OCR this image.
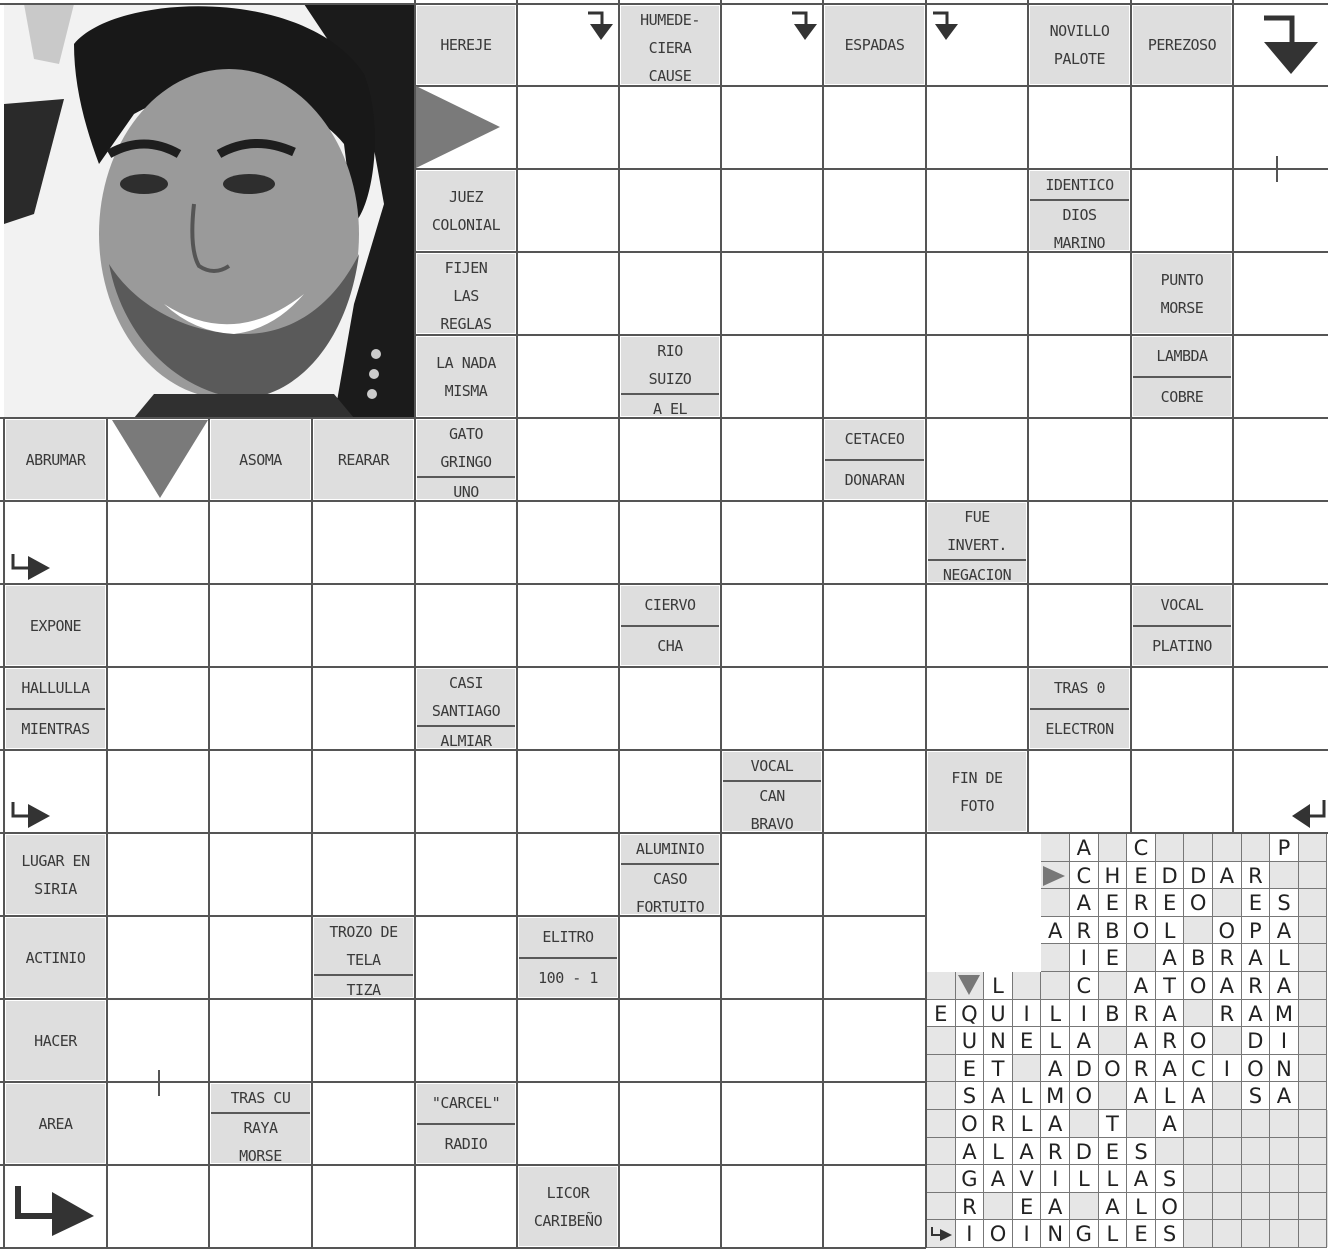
HEREJE
HUMEDE-
CIERA
CAUSE
ESPADAS
NOVILLO
PALOTE
PEREZOSO
JUEZ
COLONIAL
IDENTICO
DIOS
MARINO
FIJEN
LAS
REGLAS
PUNTO
MORSE
LA NADA
MISMA
RIO
SUIZO
A EL
LAMBDA
COBRE
ABRUMAR	ASOMA	REARAR
GATO
GRINGO
UNO
CETACEO
DONARAN
FUE
INVERT.
NEGACION
EXPONE
CIERVO
CHA
VOCAL
PLATINO
HALLULLA
MIENTRAS
CASI
SANTIAGO
ALMIAR
TRAS 0
ELECTRON
VOCAL
CAN
BRAVO
FIN DE
FOTO
LUGAR EN
SIRIA
ALUMINIO
CASO
FORTUITO
ACTINIO
TROZO DE
TELA
TIZA
ELITRO
100 - 1
HACER
AREA
TRAS CU
RAYA
MORSE
"CARCEL"
RADIO
LICOR
CARIBEÑO
A	C	P
C H E D D A R
A E R E O	E S
A R B O L	O P A
I E	A B R A L
L	C	A T O A R A
E Q U I L I B R A	R A M
U N E L A	A R O	D I
E T	A D O R A C I O N
S A L M O	A L A	S A
O R L A	T	A
A L A R D E S
G A V I L L A S
R	E A	A L O
I O I N G L E S
